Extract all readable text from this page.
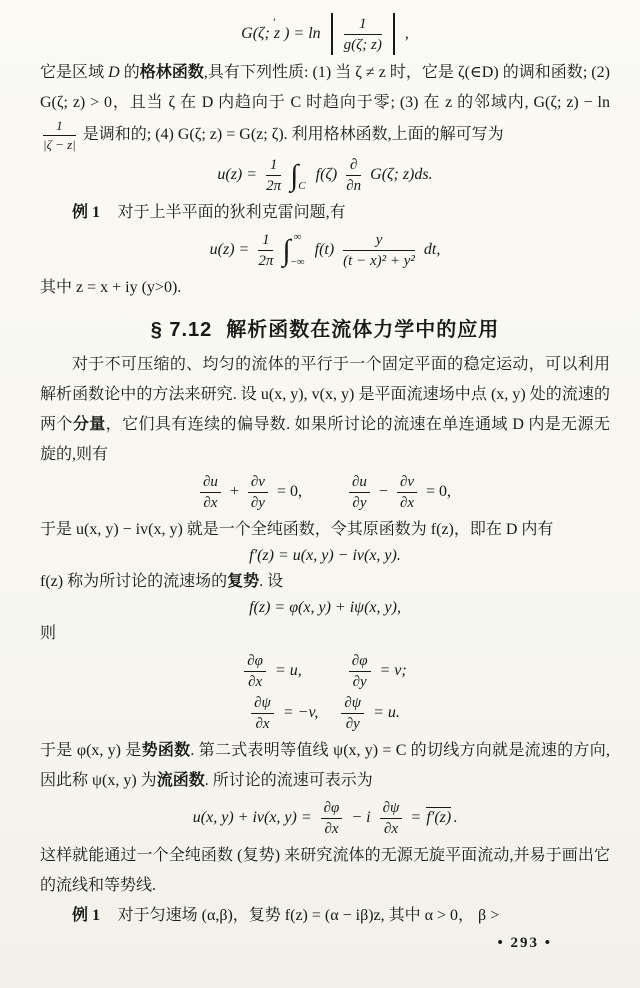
G(ζ; $z') = \ln \frac{1}{g(\zeta; z)}$ ,
它是区域 D 的格林函数,具有下列性质: (1) 当 ζ ≠ z 时，它是 ζ(∈D) 的调和函数; (2) G(ζ; z) > 0，且当 ζ 在 D 内趋向于 C 时趋向于零; (3) 在 z 的邻域内, G(ζ; z) − ln
$\frac{1}{|\zeta - z|}$ 是调和的; (4) G(ζ; z) = G(z; ζ). 利用格林函数,上面的解可写为
$u(z) = \frac{1}{2\pi} \int_C$ $f(\zeta) \frac{\partial}{\partial n} G(\zeta$; z)ds.
例 1 对于上半平面的狄利克雷问题,有
$u(z) = \frac{1}{2\pi}$ ∫ ∞
−∞
$f(t) \frac{y}{\text{(t − x)² + y²}}$ dt,
其中 z = x + iy (y>0).
§ 7.12 解析函数在流体力学中的应用
对于不可压缩的、均匀的流体的平行于一个固定平面的稳定运动，可以利用解析函数论中的方法来研究. 设 u(x, y), v(x, y) 是平面流速场中点 (x, y) 处的流速的两个分量，它们具有连续的偏导数. 如果所讨论的流速在单连通域 D 内是无源无旋的,则有
$\frac{\partial u}{\partial x} + \frac{\partial v}{\partial y} = 0$,	$\frac{\partial u}{\partial y} - \frac{\partial v}{\partial x} = 0$,
于是 u(x, y) − iv(x, y) 就是一个全纯函数，令其原函数为 f(z)，即在 D 内有
f′(z) = u(x, y) − iv(x, y).
f(z) 称为所讨论的流速场的复势. 设
f(z) = φ(x, y) + iψ(x, y),
则
$\frac{\partial\varphi}{\partial x} = u$,	$\frac{\partial\varphi}{\partial y} = v$;
$\frac{\partial\psi}{\partial x} = -v$, $\frac{\partial\psi}{\partial y} = u$.
于是 φ(x, y) 是势函数. 第二式表明等值线 ψ(x, y) = C 的切线方向就是流速的方向,因此称 ψ(x, y) 为流函数. 所讨论的流速可表示为
u(x, y) + iv(x, $y) = \frac{\partial\varphi}{\partial x} - i \frac{\partial\psi}{\partial x} = f'(z)$ .
这样就能通过一个全纯函数 (复势) 来研究流体的无源无旋平面流动,并易于画出它的流线和等势线.
例 1 对于匀速场 (α,β)，复势 f(z) = (α − iβ)z, 其中 α > 0， β >
• 293 •
